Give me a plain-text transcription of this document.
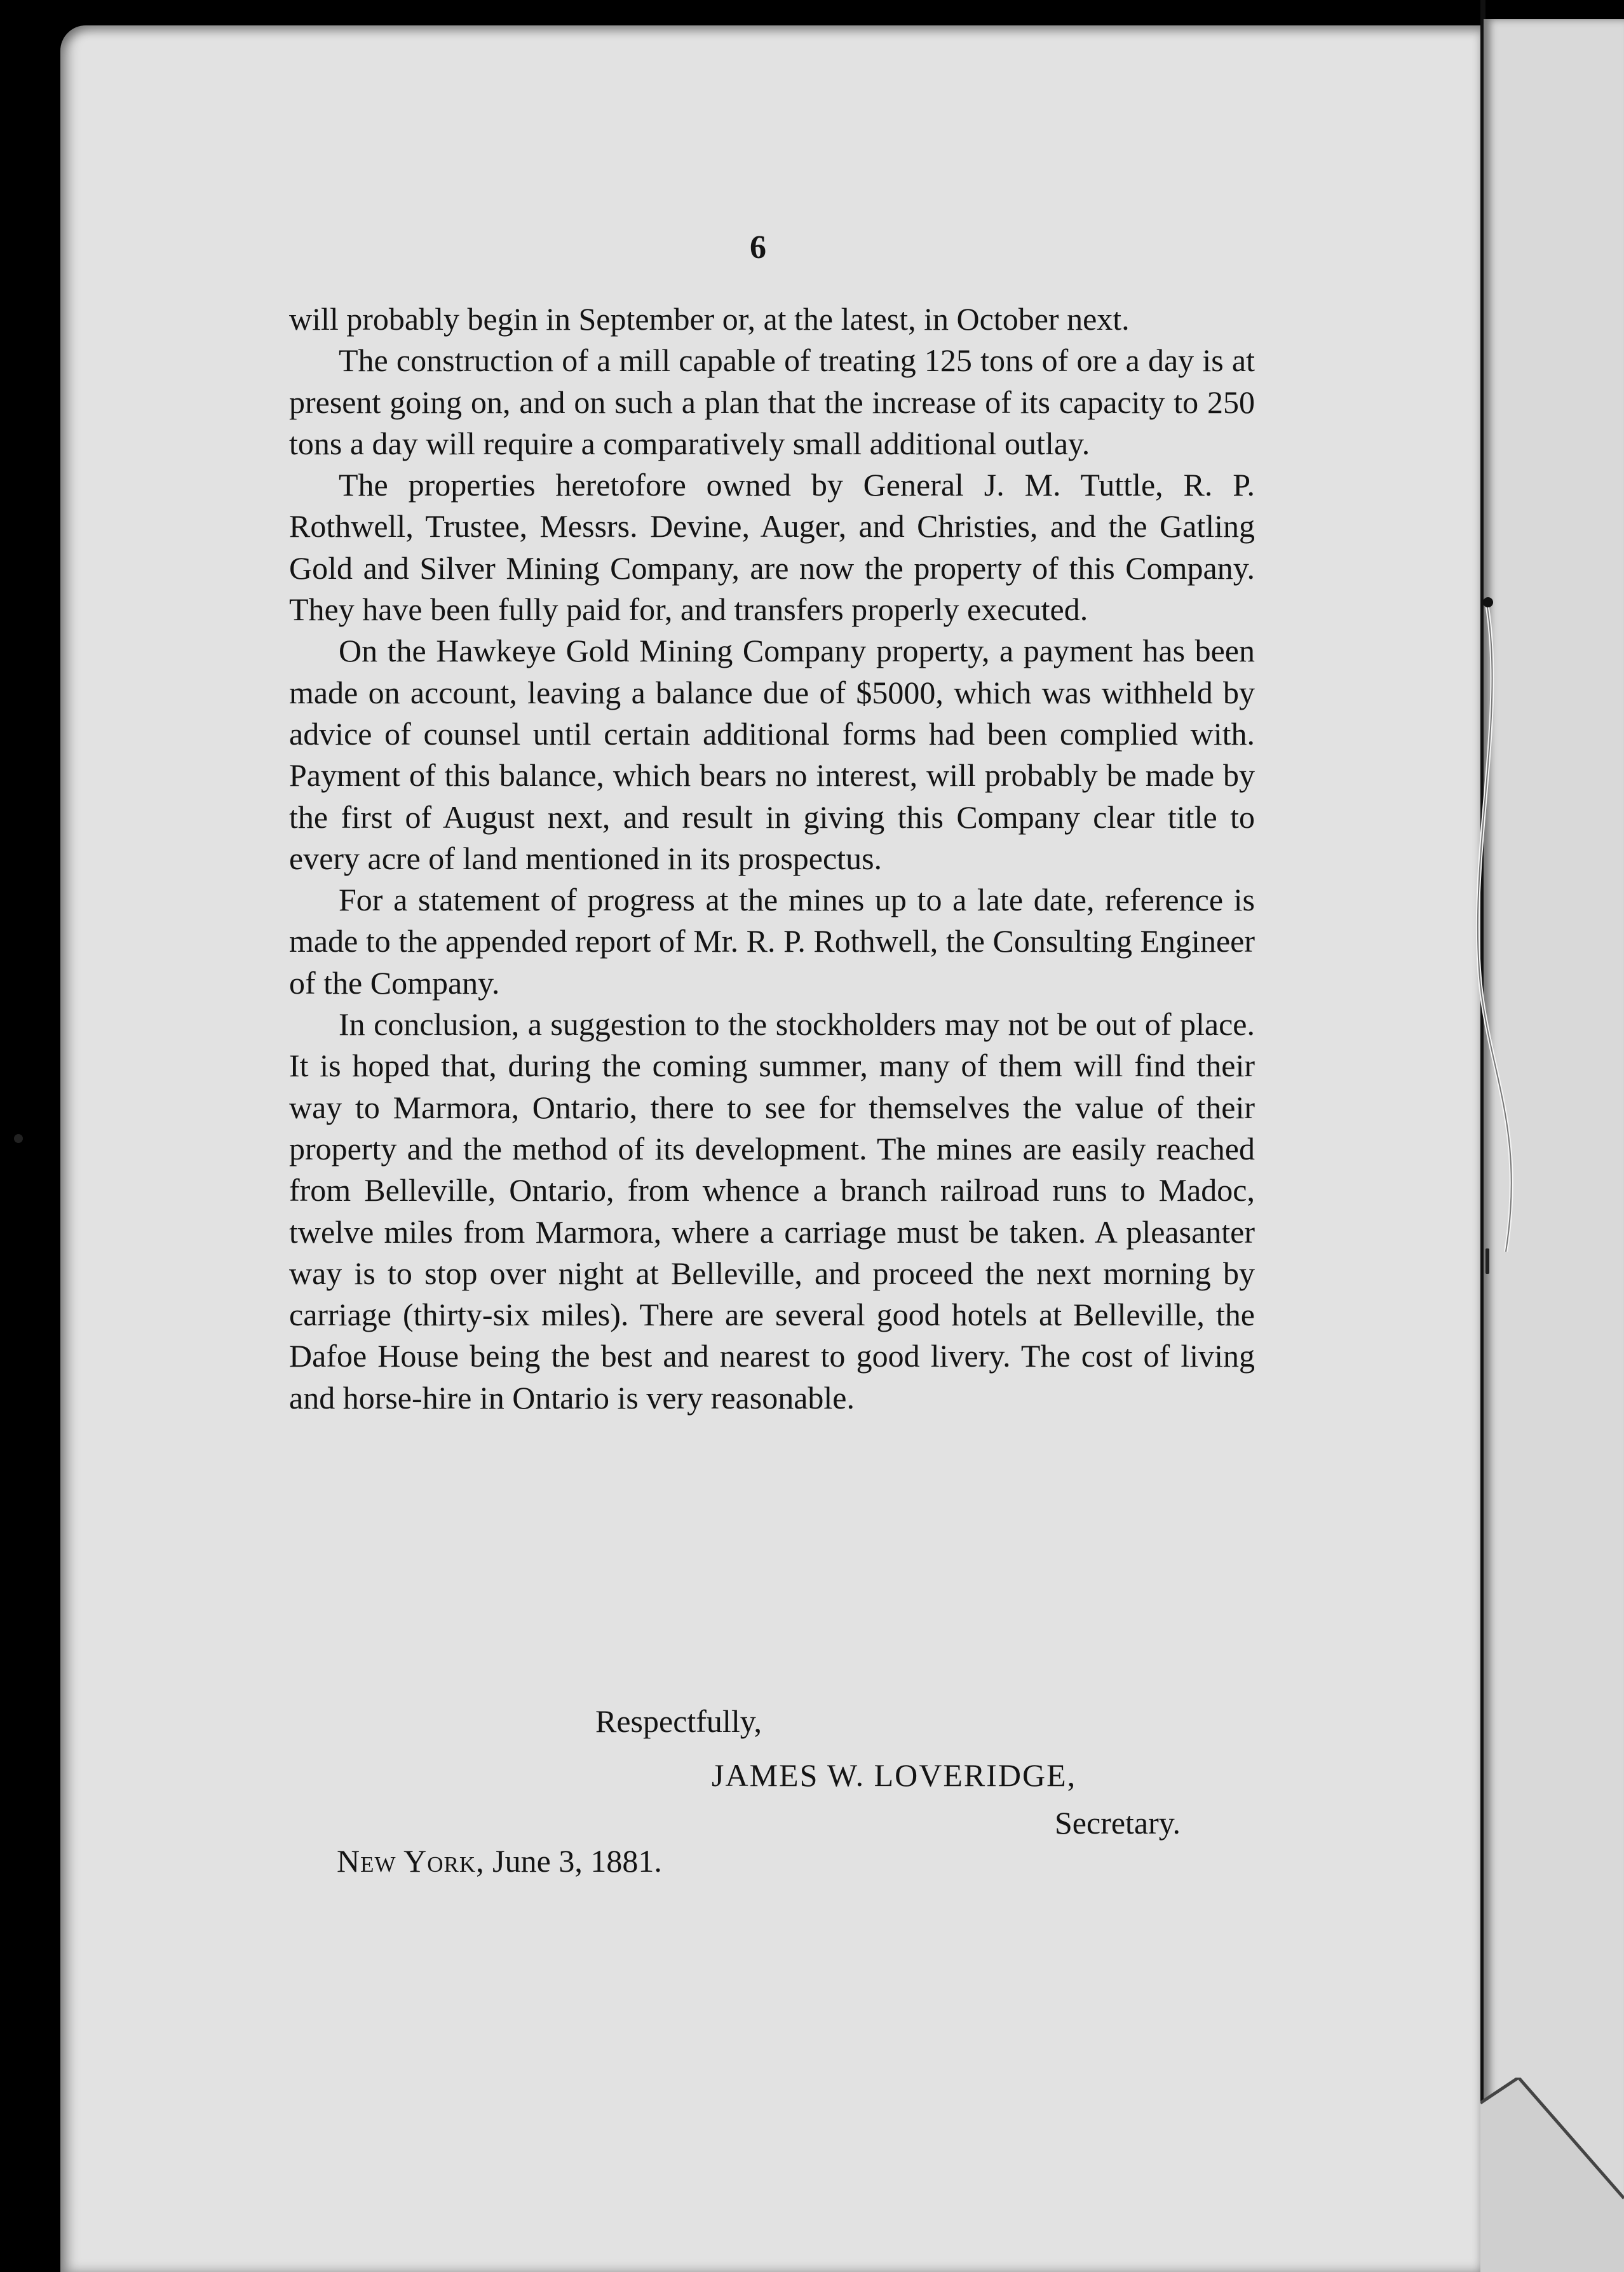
6

will probably begin in September or, at the latest, in October next.

The construction of a mill capable of treating 125 tons of ore a day is at present going on, and on such a plan that the increase of its capacity to 250 tons a day will require a comparatively small additional outlay.

The properties heretofore owned by General J. M. Tuttle, R. P. Rothwell, Trustee, Messrs. Devine, Auger, and Christies, and the Gatling Gold and Silver Mining Company, are now the property of this Company. They have been fully paid for, and transfers properly executed.

On the Hawkeye Gold Mining Company property, a payment has been made on account, leaving a balance due of $5000, which was withheld by advice of counsel until certain additional forms had been complied with. Payment of this balance, which bears no interest, will probably be made by the first of August next, and result in giving this Company clear title to every acre of land mentioned in its prospectus.

For a statement of progress at the mines up to a late date, reference is made to the appended report of Mr. R. P. Rothwell, the Consulting Engineer of the Company.

In conclusion, a suggestion to the stockholders may not be out of place. It is hoped that, during the coming summer, many of them will find their way to Marmora, Ontario, there to see for themselves the value of their property and the method of its development. The mines are easily reached from Belleville, Ontario, from whence a branch railroad runs to Madoc, twelve miles from Marmora, where a carriage must be taken. A pleasanter way is to stop over night at Belleville, and proceed the next morning by carriage (thirty-six miles). There are several good hotels at Belleville, the Dafoe House being the best and nearest to good livery. The cost of living and horse-hire in Ontario is very reasonable.

Respectfully,
JAMES W. LOVERIDGE,
Secretary.
New York, June 3, 1881.
